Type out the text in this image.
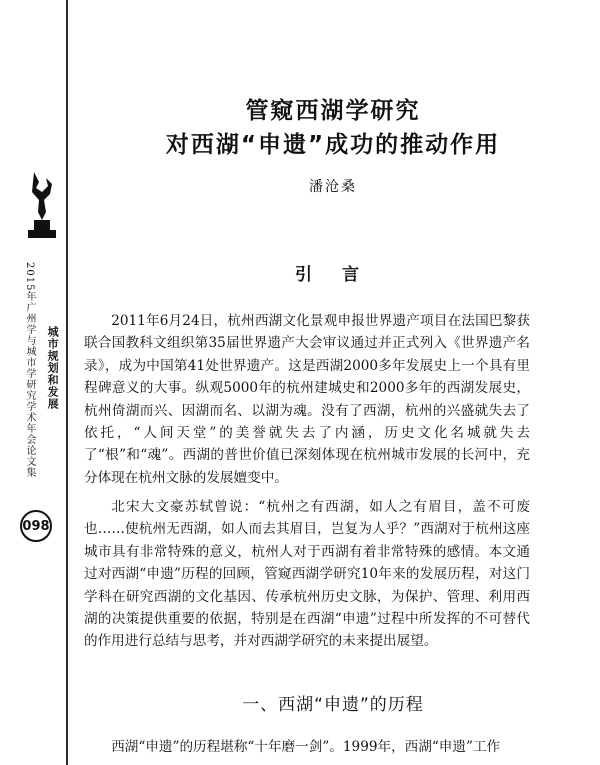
2015年广州学与城市学研究学术年会论文集 城市规划和发展
098
管窥西湖学研究
对西湖“申遗”成功的推动作用
潘沧桑
引 言

2011年6月24日，杭州西湖文化景观申报世界遗产项目在法国巴黎获联合国教科文组织第35届世界遗产大会审议通过并正式列入《世界遗产名录》，成为中国第41处世界遗产。这是西湖2000多年发展史上一个具有里程碑意义的大事。纵观5000年的杭州建城史和2000多年的西湖发展史，杭州倚湖而兴、因湖而名、以湖为魂。没有了西湖，杭州的兴盛就失去了依托，“人间天堂”的美誉就失去了内涵，历史文化名城就失去了“根”和“魂”。西湖的普世价值已深刻体现在杭州城市发展的长河中，充分体现在杭州文脉的发展嬗变中。

北宋大文豪苏轼曾说：“杭州之有西湖，如人之有眉目，盖不可废也……使杭州无西湖，如人而去其眉目，岂复为人乎？”西湖对于杭州这座城市具有非常特殊的意义，杭州人对于西湖有着非常特殊的感情。本文通过对西湖“申遗”历程的回顾，管窥西湖学研究10年来的发展历程，对这门学科在研究西湖的文化基因、传承杭州历史文脉，为保护、管理、利用西湖的决策提供重要的依据，特别是在西湖“申遗”过程中所发挥的不可替代的作用进行总结与思考，并对西湖学研究的未来提出展望。

一、西湖“申遗”的历程

西湖“申遗”的历程堪称“十年磨一剑”。1999年，西湖“申遗”工作
